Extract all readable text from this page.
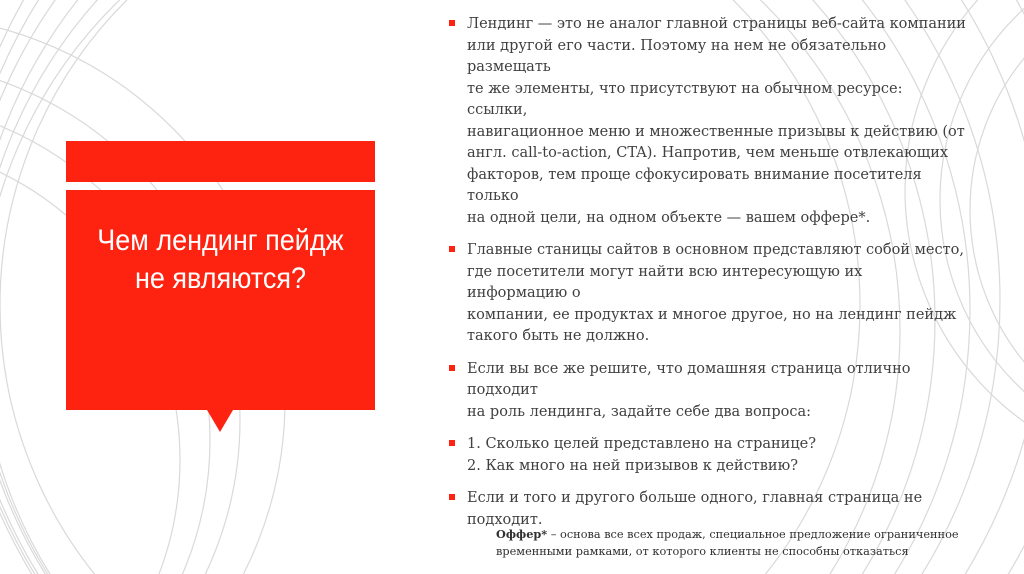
Чем лендинг пейдж не являются?
Лендинг — это не аналог главной страницы веб-сайта компании
или другой его части. Поэтому на нем не обязательно размещать
те же элементы, что присутствуют на обычном ресурсе: ссылки,
навигационное меню и множественные призывы к действию (от
англ. call-to-action, CTA). Напротив, чем меньше отвлекающих
факторов, тем проще сфокусировать внимание посетителя только
на одной цели, на одном объекте — вашем оффере*.
Главные станицы сайтов в основном представляют собой место,
где посетители могут найти всю интересующую их информацию о
компании, ее продуктах и многое другое, но на лендинг пейдж
такого быть не должно.
Если вы все же решите, что домашняя страница отлично подходит
на роль лендинга, задайте себе два вопроса:
1. Сколько целей представлено на странице?
2. Как много на ней призывов к действию?
Если и того и другого больше одного, главная страница не
подходит.
Оффер* – основа все всех продаж, специальное предложение ограниченное
временными рамками, от которого клиенты не способны отказаться
